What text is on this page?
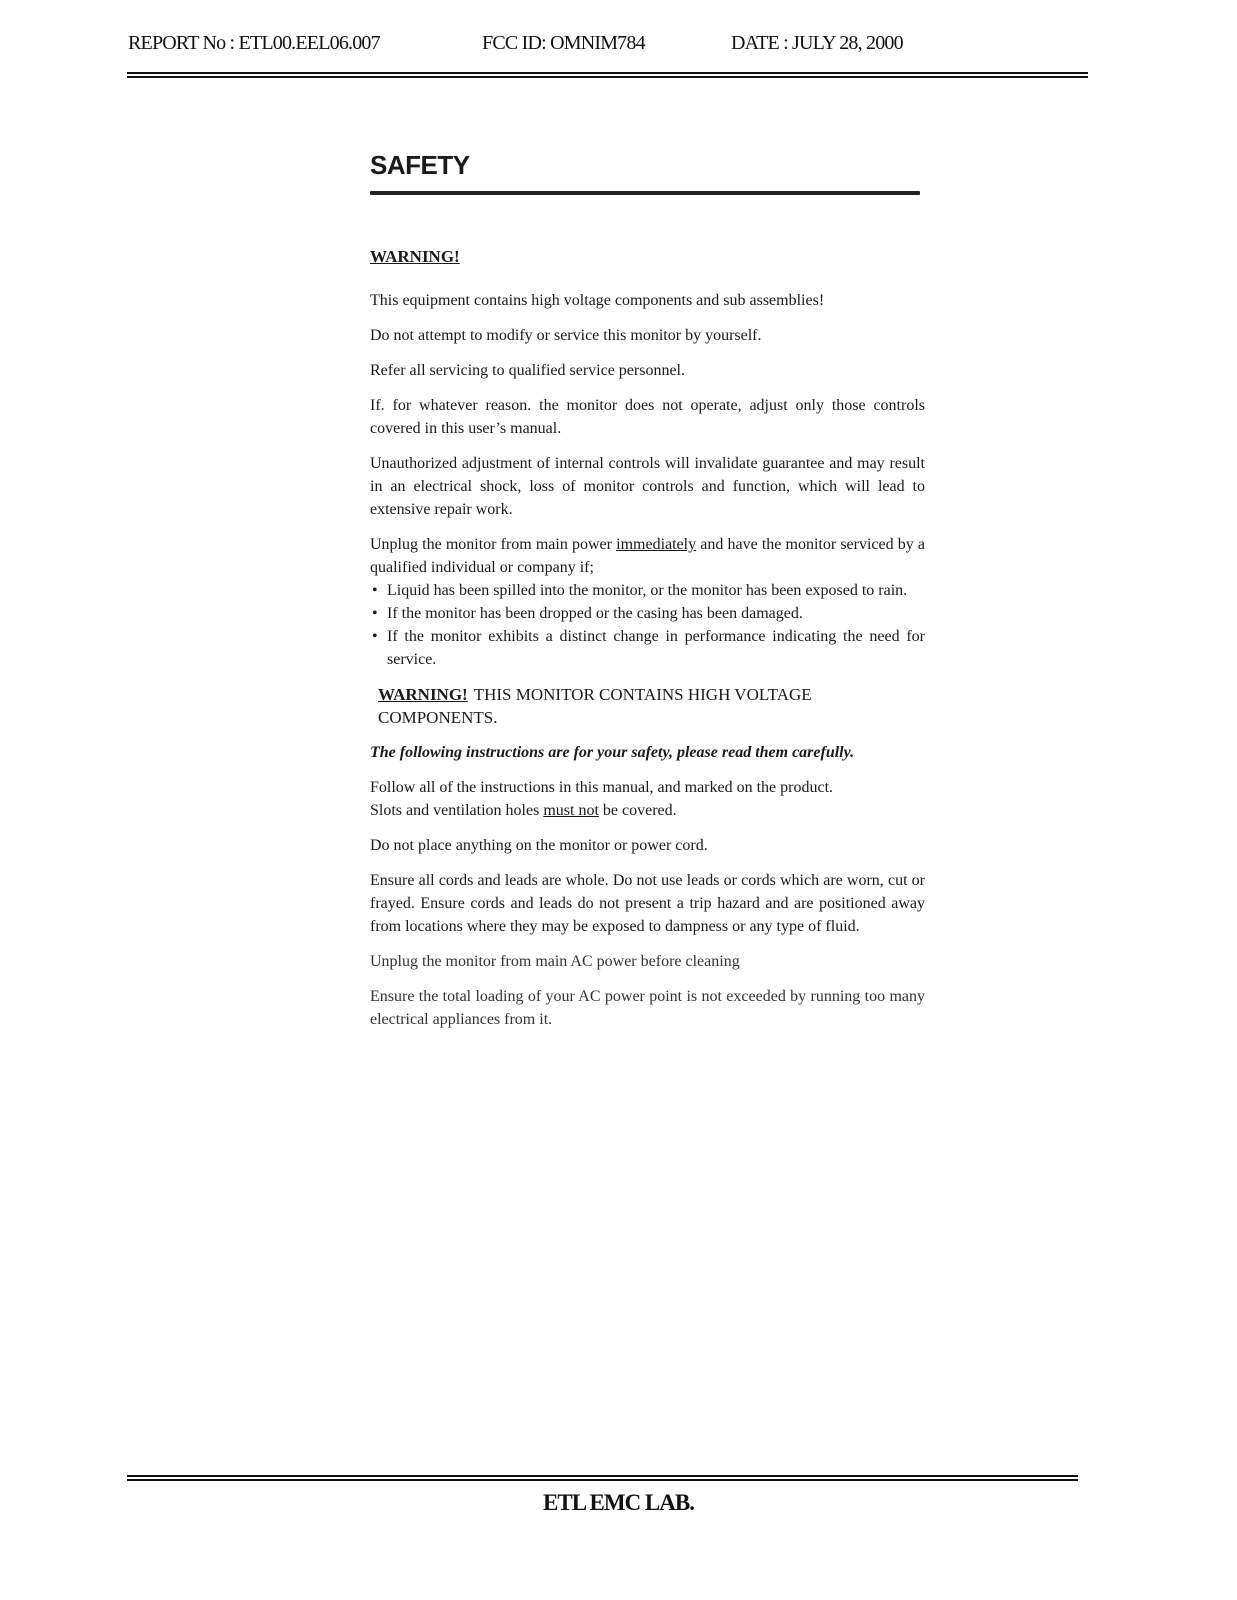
REPORT No : ETL00.EEL06.007	FCC ID: OMNIM784	DATE : JULY 28, 2000
SAFETY
WARNING!

This equipment contains high voltage components and sub assemblies!

Do not attempt to modify or service this monitor by yourself.

Refer all servicing to qualified service personnel.

If. for whatever reason. the monitor does not operate, adjust only those controls covered in this user’s manual.

Unauthorized adjustment of internal controls will invalidate guarantee and may result in an electrical shock, loss of monitor controls and function, which will lead to extensive repair work.

Unplug the monitor from main power immediately and have the monitor serviced by a qualified individual or company if;

• Liquid has been spilled into the monitor, or the monitor has been exposed to rain.
• If the monitor has been dropped or the casing has been damaged.
• If the monitor exhibits a distinct change in performance indicating the need for service.

WARNING! THIS MONITOR CONTAINS HIGH VOLTAGE COMPONENTS.

The following instructions are for your safety, please read them carefully.

Follow all of the instructions in this manual, and marked on the product.

Slots and ventilation holes must not be covered.

Do not place anything on the monitor or power cord.

Ensure all cords and leads are whole. Do not use leads or cords which are worn, cut or frayed. Ensure cords and leads do not present a trip hazard and are positioned away from locations where they may be exposed to dampness or any type of fluid.

Unplug the monitor from main AC power before cleaning

Ensure the total loading of your AC power point is not exceeded by running too many electrical appliances from it.

ETL EMC LAB.
